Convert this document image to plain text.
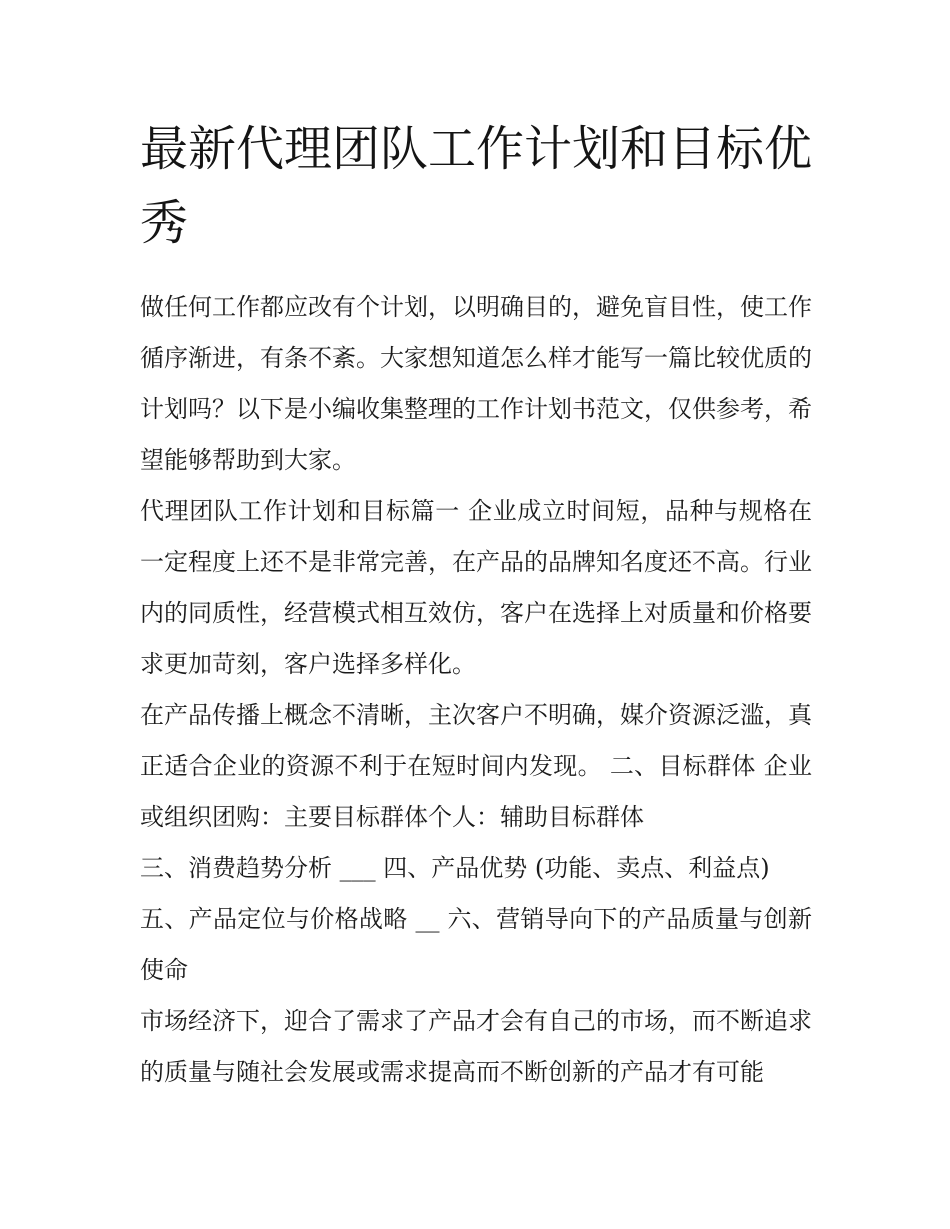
最新代理团队工作计划和目标优秀

做任何工作都应改有个计划，以明确目的，避免盲目性，使工作循序渐进，有条不紊。大家想知道怎么样才能写一篇比较优质的计划吗？以下是小编收集整理的工作计划书范文，仅供参考，希望能够帮助到大家。

代理团队工作计划和目标篇一 企业成立时间短，品种与规格在一定程度上还不是非常完善，在产品的品牌知名度还不高。行业内的同质性，经营模式相互效仿，客户在选择上对质量和价格要求更加苛刻，客户选择多样化。

在产品传播上概念不清晰，主次客户不明确，媒介资源泛滥，真正适合企业的资源不利于在短时间内发现。 二、目标群体 企业或组织团购：主要目标群体个人：辅助目标群体

三、消费趋势分析 ___ 四、产品优势 (功能、卖点、利益点)

五、产品定位与价格战略 __ 六、营销导向下的产品质量与创新使命

市场经济下，迎合了需求了产品才会有自己的市场，而不断追求的质量与随社会发展或需求提高而不断创新的产品才有可能
